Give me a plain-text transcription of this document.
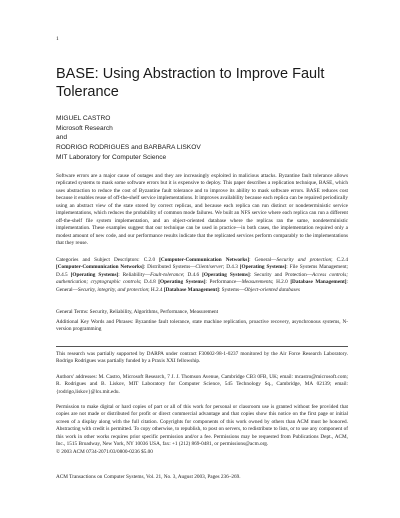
1
BASE: Using Abstraction to Improve Fault Tolerance
MIGUEL CASTRO
Microsoft Research
and
RODRIGO RODRIGUES and BARBARA LISKOV
MIT Laboratory for Computer Science

Software errors are a major cause of outages and they are increasingly exploited in malicious attacks. Byzantine fault tolerance allows replicated systems to mask some software errors but it is expensive to deploy. This paper describes a replication technique, BASE, which uses abstraction to reduce the cost of Byzantine fault tolerance and to improve its ability to mask software errors. BASE reduces cost because it enables reuse of off-the-shelf service implementations. It improves availability because each replica can be repaired periodically using an abstract view of the state stored by correct replicas, and because each replica can run distinct or nondeterministic service implementations, which reduces the probability of common mode failures. We built an NFS service where each replica can run a different off-the-shelf file system implementation, and an object-oriented database where the replicas ran the same, nondeterministic implementation. These examples suggest that our technique can be used in practice—in both cases, the implementation required only a modest amount of new code, and our performance results indicate that the replicated services perform comparably to the implementations that they reuse.

Categories and Subject Descriptors: C.2.0 [Computer-Communication Networks]: General—Security and protection; C.2.4 [Computer-Communication Networks]: Distributed Systems—Client/server; D.4.3 [Operating Systems]: File Systems Management; D.4.5 [Operating Systems]: Reliability—Fault-tolerance; D.4.6 [Operating Systems]: Security and Protection—Access controls; authentication; cryptographic controls; D.4.8 [Operating Systems]: Performance—Measurements; H.2.0 [Database Management]: General—Security, integrity, and protection; H.2.4 [Database Management]: Systems—Object-oriented databases

General Terms: Security, Reliability, Algorithms, Performance, Measurement

Additional Key Words and Phrases: Byzantine fault tolerance, state machine replication, proactive recovery, asynchronous systems, N-version programming

This research was partially supported by DARPA under contract F30602-98-1-0237 monitored by the Air Force Research Laboratory. Rodrigo Rodrigues was partially funded by a Praxis XXI fellowship.

Authors' addresses: M. Castro, Microsoft Research, 7 J. J. Thomson Avenue, Cambridge CB3 0FB, UK; email: mcastro@microsoft.com; R. Rodrigues and B. Liskov, MIT Laboratory for Computer Science, 545 Technology Sq., Cambridge, MA 02139; email: {rodrigo,liskov}@lcs.mit.edu.

Permission to make digital or hard copies of part or all of this work for personal or classroom use is granted without fee provided that copies are not made or distributed for profit or direct commercial advantage and that copies show this notice on the first page or initial screen of a display along with the full citation. Copyrights for components of this work owned by others than ACM must be honored. Abstracting with credit is permitted. To copy otherwise, to republish, to post on servers, to redistribute to lists, or to use any component of this work in other works requires prior specific permission and/or a fee. Permissions may be requested from Publications Dept., ACM, Inc., 1515 Broadway, New York, NY 10036 USA, fax: +1 (212) 869-0481, or permissions@acm.org.
© 2003 ACM 0734-2071/03/0800-0236 $5.00

ACM Transactions on Computer Systems, Vol. 21, No. 3, August 2003, Pages 236–269.
